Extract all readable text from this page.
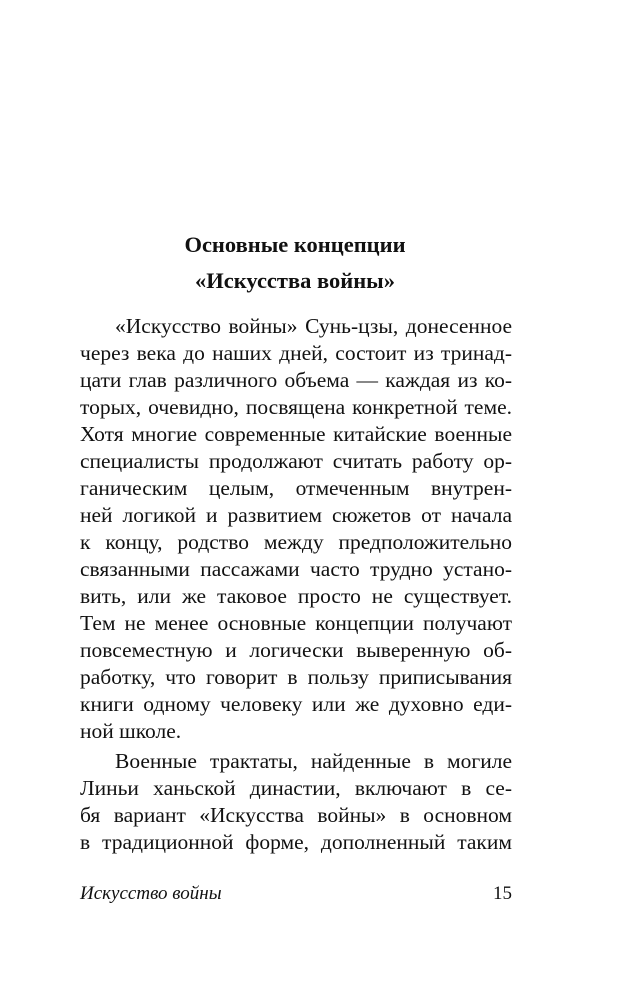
Основные концепции
«Искусства войны»
«Искусство войны» Сунь-цзы, донесенное
через века до наших дней, состоит из тринад-
цати глав различного объема — каждая из ко-
торых, очевидно, посвящена конкретной теме.
Хотя многие современные китайские военные
специалисты продолжают считать работу ор-
ганическим целым, отмеченным внутрен-
ней логикой и развитием сюжетов от начала
к концу, родство между предположительно
связанными пассажами часто трудно устано-
вить, или же таковое просто не существует.
Тем не менее основные концепции получают
повсеместную и логически выверенную об-
работку, что говорит в пользу приписывания
книги одному человеку или же духовно еди-
ной школе.
Военные трактаты, найденные в могиле
Линьи ханьской династии, включают в се-
бя вариант «Искусства войны» в основном
в традиционной форме, дополненный таким
Искусство войны	15
